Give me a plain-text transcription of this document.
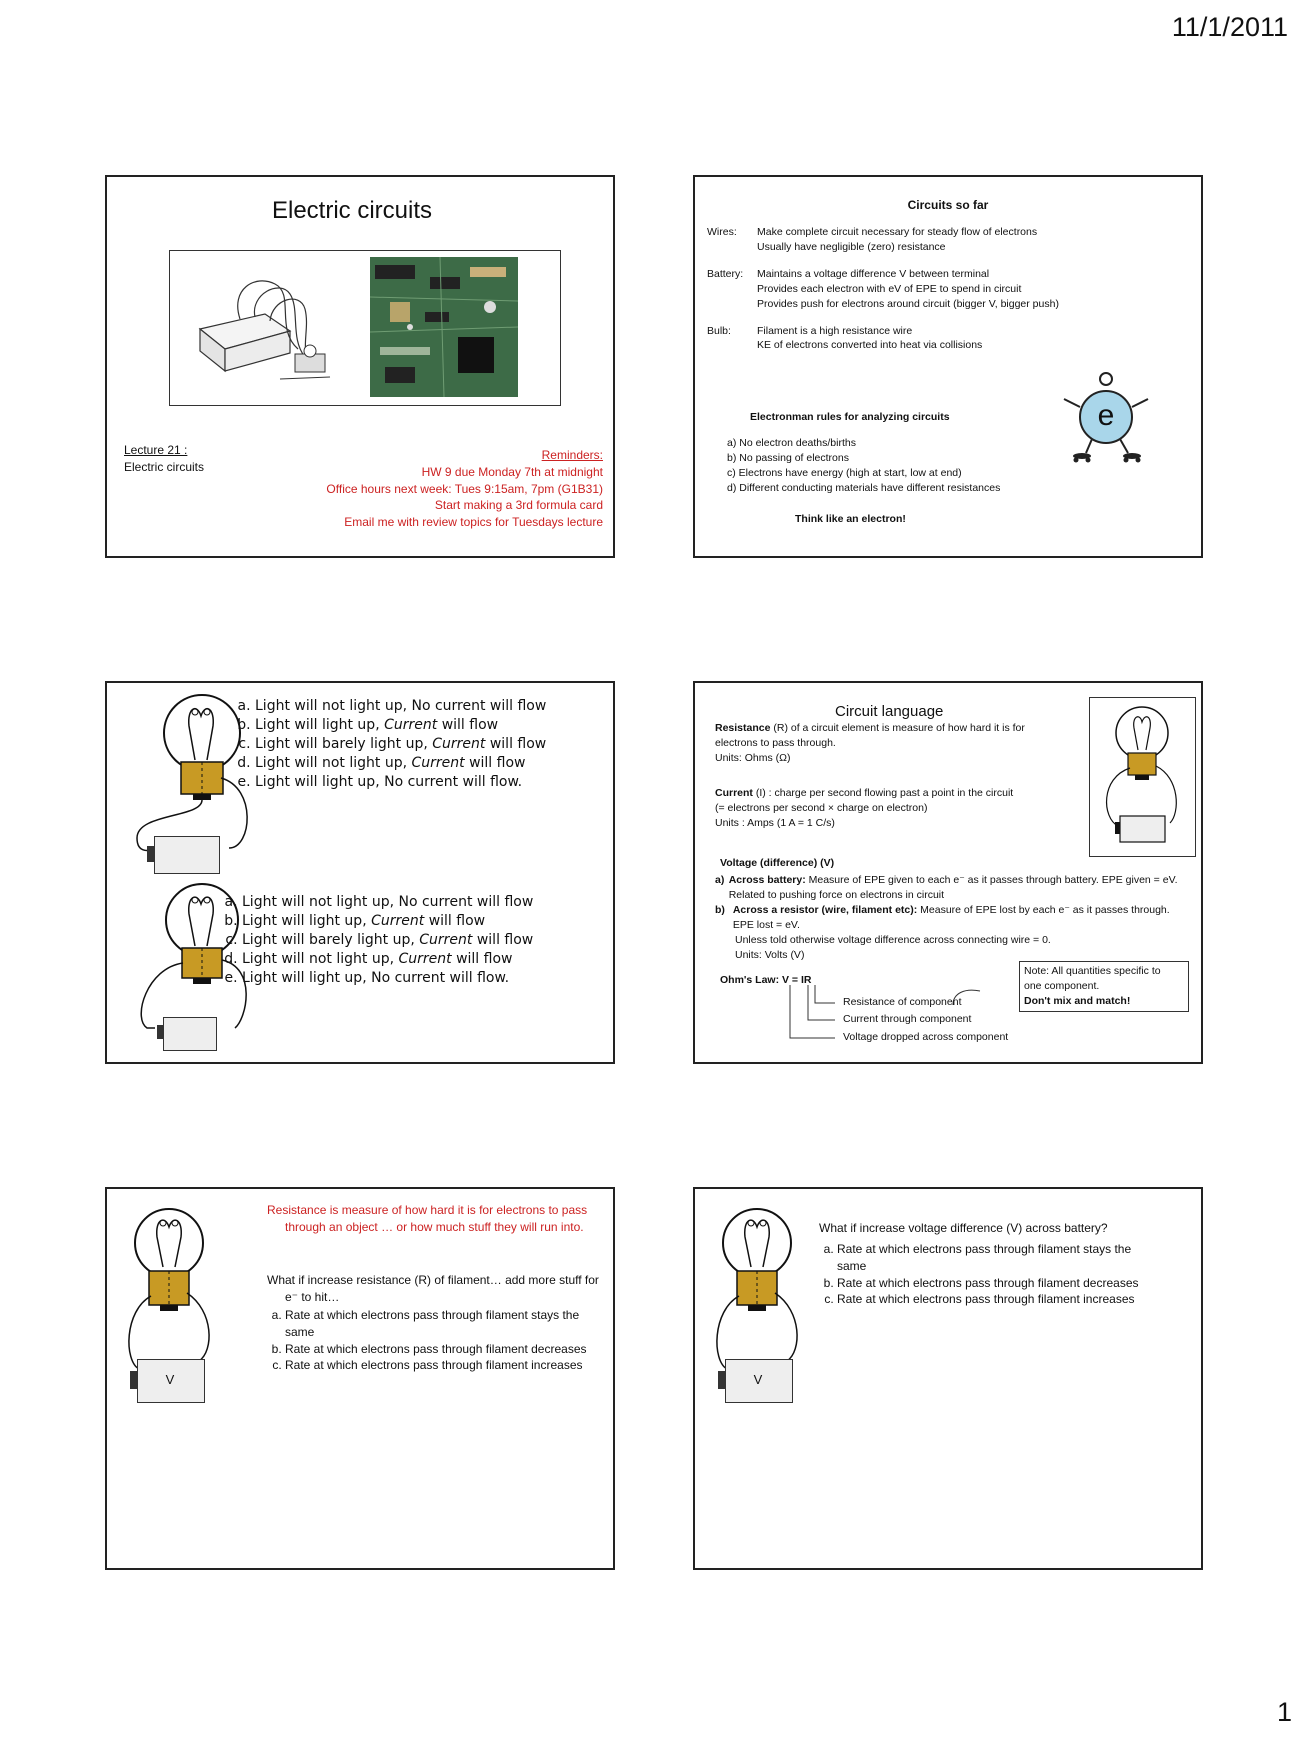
11/1/2011
Electric circuits
Lecture 21 :
Electric circuits
Reminders:
HW 9 due Monday 7th at midnight
Office hours next week: Tues 9:15am, 7pm (G1B31)
Start making a 3rd formula card
Email me with review topics for Tuesdays lecture
Circuits so far
Wires:	Make complete circuit necessary for steady flow of electrons
Usually have negligible (zero) resistance
Battery:	Maintains a voltage difference V between terminal
Provides each electron with eV of EPE to spend in circuit
Provides push for electrons around circuit (bigger V, bigger push)
Bulb:	Filament is a high resistance wire
KE of electrons converted into heat via collisions
Electronman rules for analyzing circuits
a) No electron deaths/births
b) No passing of electrons
c) Electrons have energy (high at start, low at end)
d) Different conducting materials have different resistances
Think like an electron!
e
a. Light will not light up, No current will flow
b. Light will light up, Current will flow
c. Light will barely light up, Current will flow
d. Light will not light up, Current will flow
e. Light will light up, No current will flow.
a. Light will not light up, No current will flow
b. Light will light up, Current will flow
c. Light will barely light up, Current will flow
d. Light will not light up, Current will flow
e. Light will light up, No current will flow.
Circuit language
Resistance (R) of a circuit element is measure of how hard it is for electrons to pass through.
Units: Ohms (Ω)
Current (I) : charge per second flowing past a point in the circuit
(= electrons per second × charge on electron)
Units : Amps (1 A = 1 C/s)
Voltage (difference) (V)
a) Across battery: Measure of EPE given to each e⁻ as it passes through battery. EPE given = eV. Related to pushing force on electrons in circuit
b) Across a resistor (wire, filament etc): Measure of EPE lost by each e⁻ as it passes through. EPE lost = eV.
Unless told otherwise voltage difference across connecting wire = 0.
Units: Volts (V)
Ohm's Law: V = IR
Resistance of component
Current through component
Voltage dropped across component
Note: All quantities specific to
one component.
Don't mix and match!
V
Resistance is measure of how hard it is for electrons to pass through an object … or how much stuff they will run into.
What if increase resistance (R) of filament… add more stuff for e⁻ to hit…
a. Rate at which electrons pass through filament stays the same
b. Rate at which electrons pass through filament decreases
c. Rate at which electrons pass through filament increases
V
What if increase voltage difference (V) across battery?
a. Rate at which electrons pass through filament stays the same
b. Rate at which electrons pass through filament decreases
c. Rate at which electrons pass through filament increases
1
